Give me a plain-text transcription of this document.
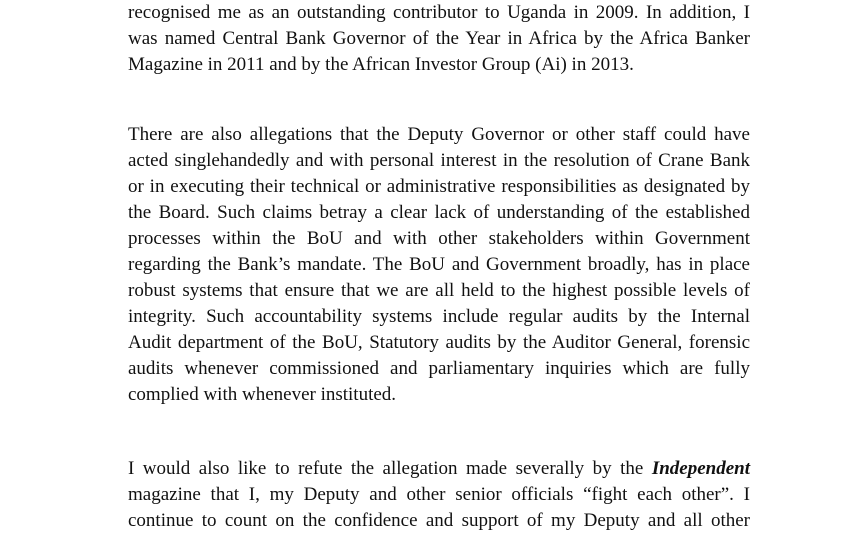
recognised me as an outstanding contributor to Uganda in 2009. In addition, I
was named Central Bank Governor of the Year in Africa by the Africa Banker
Magazine in 2011 and by the African Investor Group (Ai) in 2013.
There are also allegations that the Deputy Governor or other staff could have
acted singlehandedly and with personal interest in the resolution of Crane Bank
or in executing their technical or administrative responsibilities as designated by
the Board. Such claims betray a clear lack of understanding of the established
processes within the BoU and with other stakeholders within Government
regarding the Bank’s mandate. The BoU and Government broadly, has in place
robust systems that ensure that we are all held to the highest possible levels of
integrity. Such accountability systems include regular audits by the Internal
Audit department of the BoU, Statutory audits by the Auditor General, forensic
audits whenever commissioned and parliamentary inquiries which are fully
complied with whenever instituted.
I would also like to refute the allegation made severally by the Independent
magazine that I, my Deputy and other senior officials “fight each other”. I
continue to count on the confidence and support of my Deputy and all other
